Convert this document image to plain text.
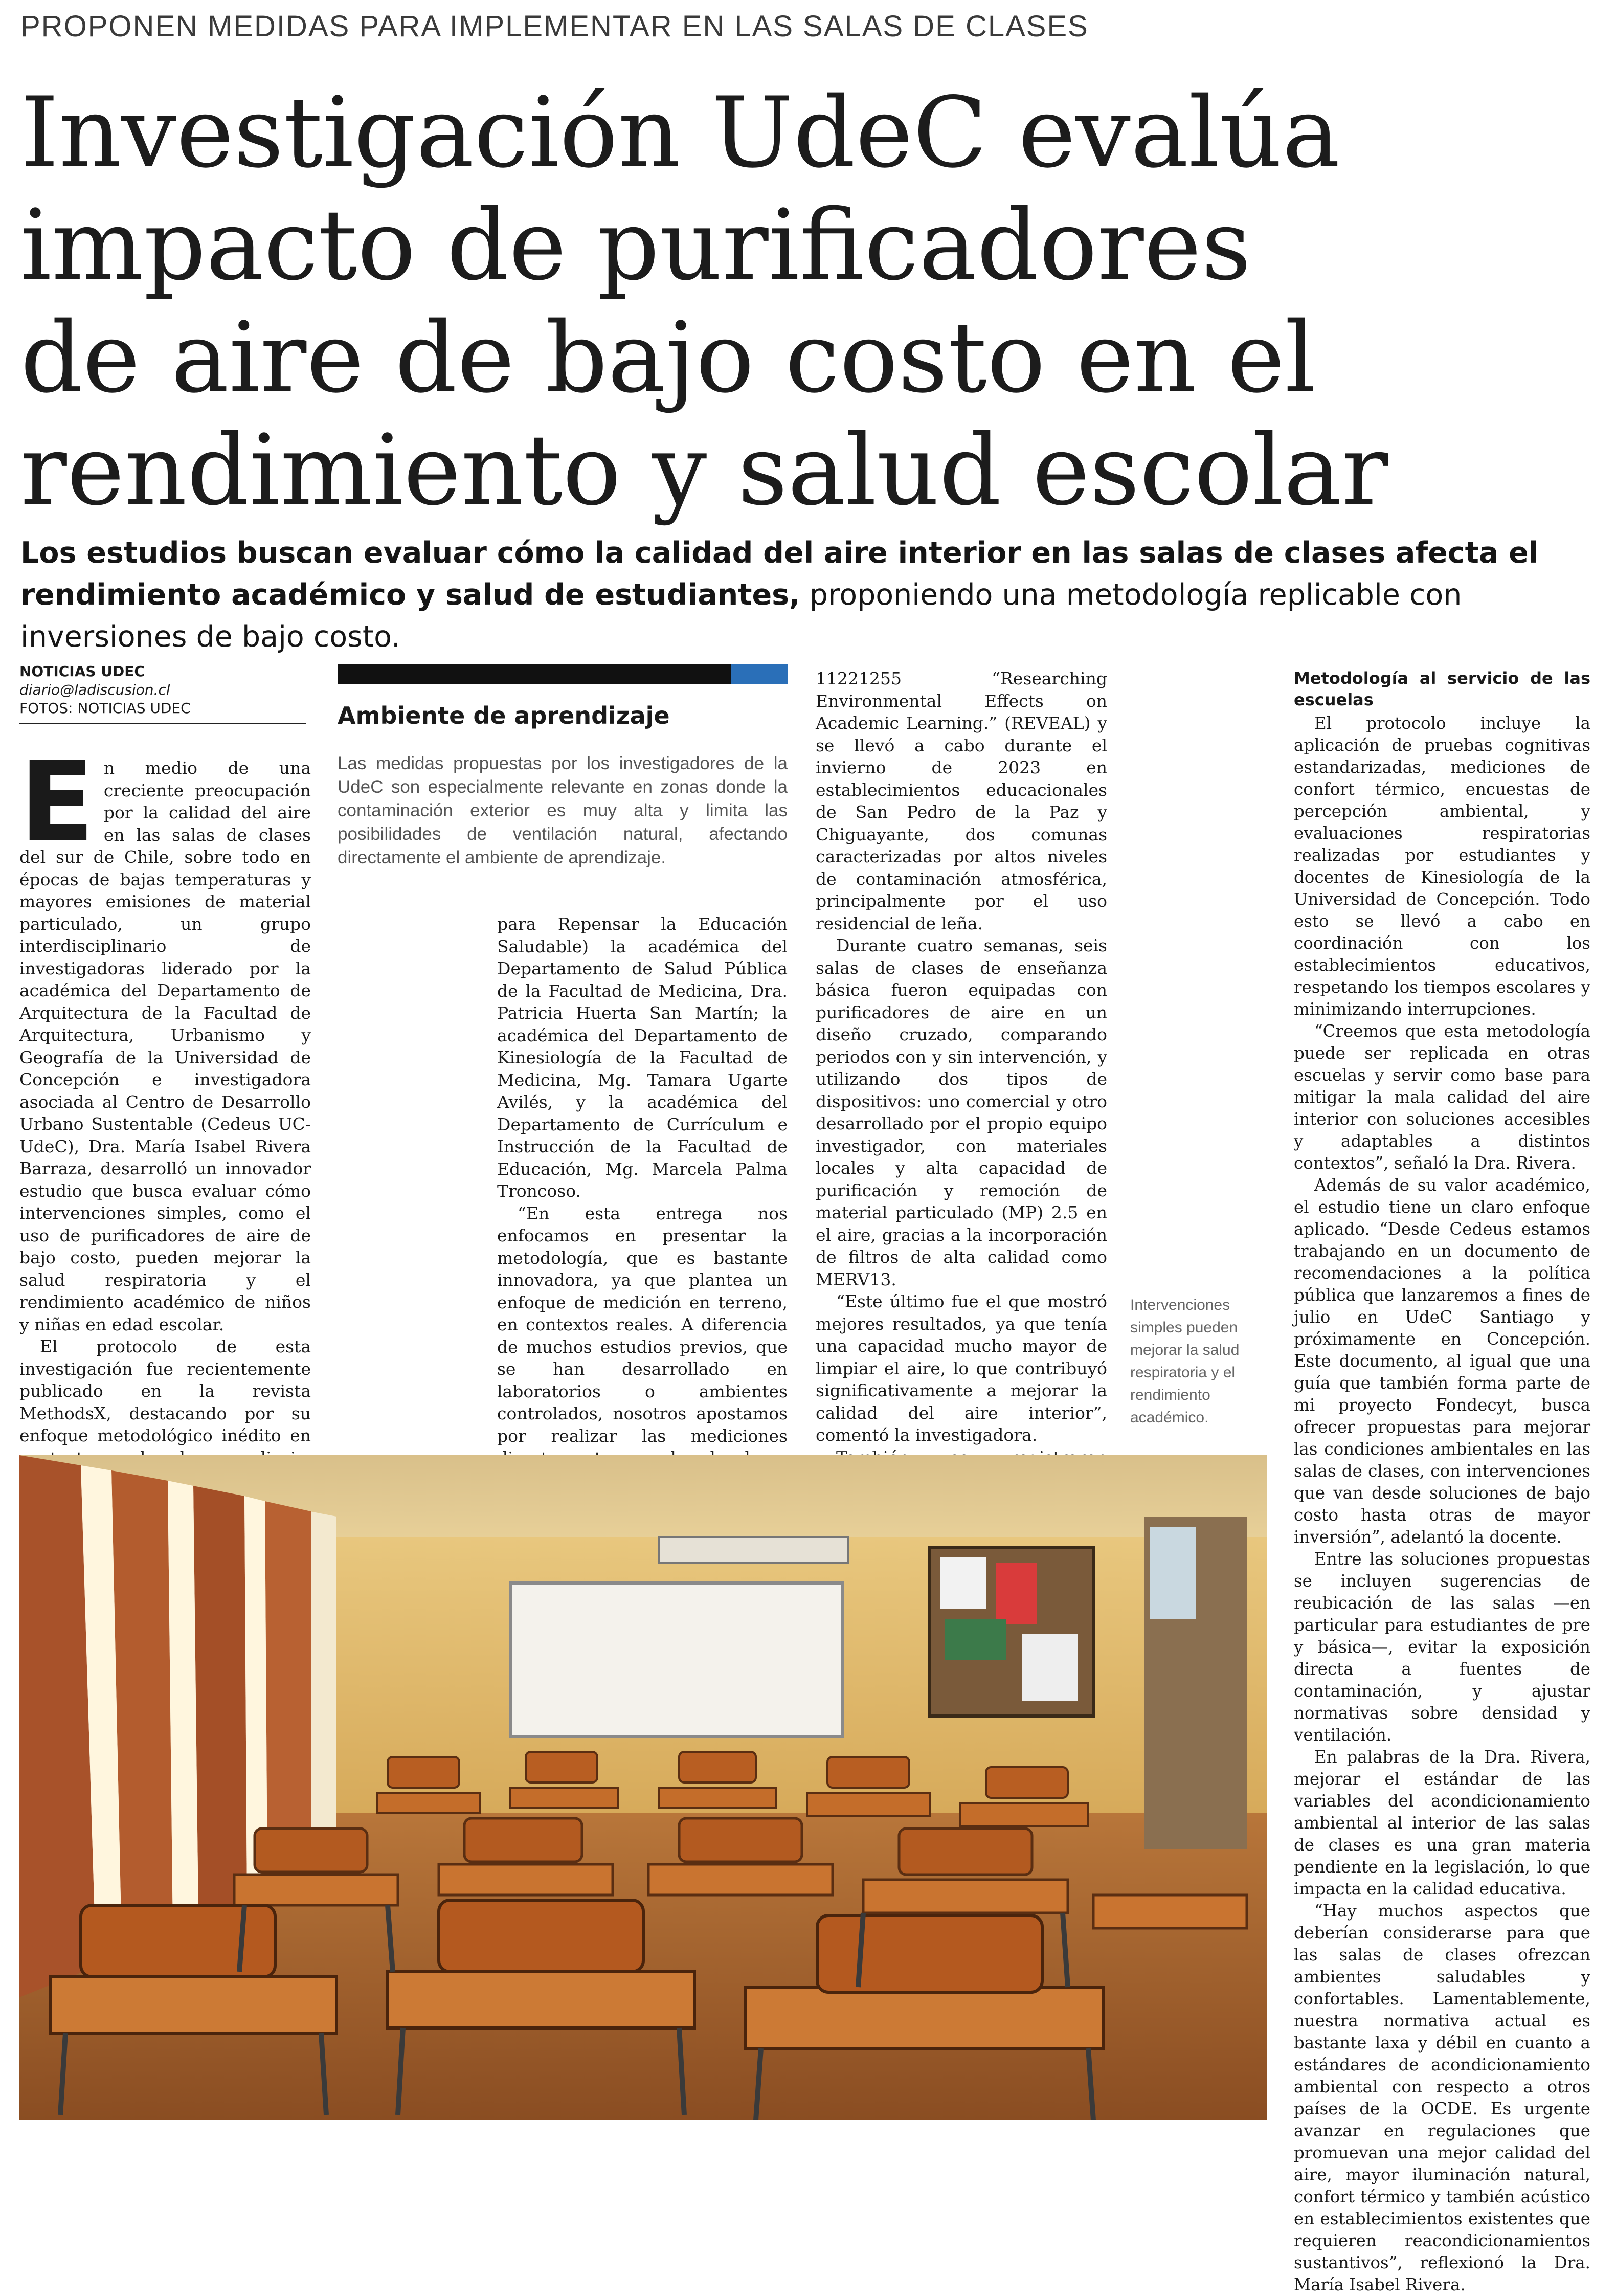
PROPONEN MEDIDAS PARA IMPLEMENTAR EN LAS SALAS DE CLASES
Investigación UdeC evalúa
impacto de purificadores
de aire de bajo costo en el
rendimiento y salud escolar
Los estudios buscan evaluar cómo la calidad del aire interior en las salas de clases afecta el rendimiento académico y salud de estudiantes, proponiendo una metodología replicable con inversiones de bajo costo.
NOTICIAS UDEC
diario@ladiscusion.cl
FOTOS: NOTICIAS UDEC

En medio de una creciente preocupación por la calidad del aire en las salas de clases del sur de Chile, sobre todo en épocas de bajas temperaturas y mayores emisiones de material particulado, un grupo interdisciplinario de investigadoras liderado por la académica del Departamento de Arquitectura de la Facultad de Arquitectura, Urbanismo y Geografía de la Universidad de Concepción e investigadora asociada al Centro de Desarrollo Urbano Sustentable (Cedeus UC-UdeC), Dra. María Isabel Rivera Barraza, desarrolló un innovador estudio que busca evaluar cómo intervenciones simples, como el uso de purificadores de aire de bajo costo, pueden mejorar la salud respiratoria y el rendimiento académico de niños y niñas en edad escolar.

El protocolo de esta investigación fue recientemente publicado en la revista MethodsX, destacando por su enfoque metodológico inédito en

Ambiente de aprendizaje
Las medidas propuestas por los investigadores de la UdeC son especialmente relevante en zonas donde la contaminación exterior es muy alta y limita las posibilidades de ventilación natural, afectando directamente el ambiente de aprendizaje.

para Repensar la Educación Saludable) la académica del Departamento de Salud Pública de la Facultad de Medicina, Dra. Patricia Huerta San Martín; la académica del Departamento de Kinesiología de la Facultad de Medicina, Mg. Tamara Ugarte Avilés, y la académica del Departamento de Currículum e Instrucción de la Facultad de Educación, Mg. Marcela Palma Troncoso.

“En esta entrega nos enfocamos en presentar la metodología, que es bastante innovadora, ya que plantea un enfoque de medición en terreno, en contextos reales. A diferencia de muchos estudios previos, que se han desarrollado en laboratorios o ambientes controlados, nosotros apostamos por realizar las mediciones

11221255 “Researching Environmental Effects on Academic Learning.” (REVEAL) y se llevó a cabo durante el invierno de 2023 en establecimientos educacionales de San Pedro de la Paz y Chiguayante, dos comunas caracterizadas por altos niveles de contaminación atmosférica, principalmente por el uso residencial de leña.

Durante cuatro semanas, seis salas de clases de enseñanza básica fueron equipadas con purificadores de aire en un diseño cruzado, comparando periodos con y sin intervención, y utilizando dos tipos de dispositivos: uno comercial y otro desarrollado por el propio equipo investigador, con materiales locales y alta capacidad de purificación y remoción de material particulado (MP) 2.5 en el aire, gracias a la incorporación de filtros de alta calidad como MERV13.

“Este último fue el que mostró mejores resultados, ya que tenía una capacidad mucho mayor de limpiar el aire, lo que contribuyó significativamente a mejorar la calidad del aire interior”, comentó la investigadora.

Intervenciones simples pueden mejorar la salud respiratoria y el rendimiento académico.
Metodología al servicio de las escuelas

El protocolo incluye la aplicación de pruebas cognitivas estandarizadas, mediciones de confort térmico, encuestas de percepción ambiental, y evaluaciones respiratorias realizadas por estudiantes y docentes de Kinesiología de la Universidad de Concepción. Todo esto se llevó a cabo en coordinación con los establecimientos educativos, respetando los tiempos escolares y minimizando interrupciones.

“Creemos que esta metodología puede ser replicada en otras escuelas y servir como base para mitigar la mala calidad del aire interior con soluciones accesibles y adaptables a distintos contextos”, señaló la Dra. Rivera.

Además de su valor académico, el estudio tiene un claro enfoque aplicado. “Desde Cedeus estamos trabajando en un documento de recomendaciones a la política pública que lanzaremos a fines de julio en UdeC Santiago y próximamente en Concepción. Este documento, al igual que una guía que también forma parte de mi proyecto Fondecyt, busca ofrecer propuestas para mejorar las condiciones ambientales en las salas de clases, con intervenciones que van desde soluciones de bajo costo hasta otras de mayor inversión”, adelantó la docente.

Entre las soluciones propuestas se incluyen sugerencias de reubicación de las salas —en particular para estudiantes de pre y básica—, evitar la exposición directa a fuentes de contaminación, y ajustar normativas sobre densidad y ventilación.

En palabras de la Dra. Rivera, mejorar el estándar de las variables del acondicionamiento ambiental al interior de las salas de clases es una gran materia pendiente en la legislación, lo que impacta en la calidad educativa.

“Hay muchos aspectos que deberían considerarse para que las salas de clases ofrezcan ambientes saludables y confortables. Lamentablemente, nuestra normativa actual es bastante laxa y débil en cuanto a estándares de acondicionamiento ambiental con respecto a otros países de la OCDE. Es urgente avanzar en regulaciones que promuevan una mejor calidad del aire, mayor iluminación natural, confort térmico y también acústico en establecimientos existentes que requieren reacondicionamientos sustantivos”, reflexionó la Dra. María Isabel Rivera.
